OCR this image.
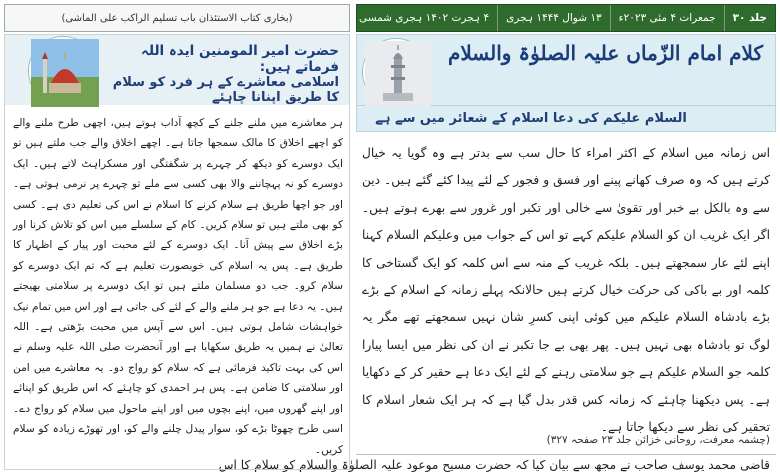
جلد ۳۰
جمعرات ۴ مئی ۲۰۲۳ء
۱۳ شوال ۱۴۴۴ ہجری
۴ ہجرت ۱۴۰۲ ہجری شمسی
(بخاری کتاب الاستئذان باب تسلیم الراکب علی الماشی)
کلام امام الزّماں علیہ الصلوٰۃ والسلام
السلام علیکم کی دعا اسلام کے شعائر میں سے ہے
اس زمانہ میں اسلام کے اکثر امراء کا حال سب سے بدتر ہے وہ گویا یہ خیال کرتے ہیں کہ وہ صرف کھانے پینے اور فسق و فجور کے لئے پیدا کئے گئے ہیں۔ دین سے وہ بالکل بے خبر اور تقویٰ سے خالی اور تکبر اور غرور سے بھرے ہوتے ہیں۔ اگر ایک غریب ان کو السلام علیکم کہے تو اس کے جواب میں وعلیکم السلام کہنا اپنے لئے عار سمجھتے ہیں۔ بلکہ غریب کے منہ سے اس کلمہ کو ایک گستاخی کا کلمہ اور بے باکی کی حرکت خیال کرتے ہیں حالانکہ پہلے زمانہ کے اسلام کے بڑے بڑے بادشاہ السلام علیکم میں کوئی اپنی کسرِ شان نہیں سمجھتے تھے مگر یہ لوگ تو بادشاہ بھی نہیں ہیں۔ پھر بھی بے جا تکبر نے ان کی نظر میں ایسا پیارا کلمہ جو السلام علیکم ہے جو سلامتی رہنے کے لئے ایک دعا ہے حقیر کر کے دکھایا ہے۔ پس دیکھنا چاہئے کہ زمانہ کس قدر بدل گیا ہے کہ ہر ایک شعار اسلام کا تحقیر کی نظر سے دیکھا جاتا ہے۔
(چشمہ معرفت، روحانی خزائن جلد ۲۳ صفحہ ۳۲۷)
قاضی محمد یوسف صاحب نے مجھ سے بیان کیا کہ حضرت مسیح موعود علیہ الصلوٰۃ والسلام کو سلام کا اس
حضرت امیر المومنین ایدہ اللہ فرماتے ہیں:
اسلامی معاشرے کے ہر فرد کو سلام کا طریق اپنانا چاہئے
ہر معاشرے میں ملنے جلنے کے کچھ آداب ہوتے ہیں، اچھی طرح ملنے والے کو اچھے اخلاق کا مالک سمجھا جاتا ہے۔ اچھے اخلاق والے جب ملتے ہیں تو ایک دوسرے کو دیکھ کر چہرے پر شگفتگی اور مسکراہٹ لاتے ہیں۔ ایک دوسرے کو نہ پہچاننے والا بھی کسی سے ملے تو چہرے پر نرمی ہوتی ہے۔ اور جو اچھا طریق ہے سلام کرنے کا اسلام نے اس کی تعلیم دی ہے۔ کسی کو بھی ملتے ہیں تو سلام کریں۔ کام کے سلسلے میں اس کو تلاش کرنا اور بڑے اخلاق سے پیش آنا۔ ایک دوسرے کے لئے محبت اور پیار کے اظہار کا طریق ہے۔ پس یہ اسلام کی خوبصورت تعلیم ہے کہ تم ایک دوسرے کو سلام کرو۔ جب دو مسلمان ملتے ہیں تو ایک دوسرے پر سلامتی بھیجتے ہیں۔ یہ دعا ہے جو ہر ملنے والے کے لئے کی جاتی ہے اور اس میں تمام نیک خواہشات شامل ہوتی ہیں۔ اس سے آپس میں محبت بڑھتی ہے۔ اللہ تعالیٰ نے ہمیں یہ طریق سکھایا ہے اور آنحضرت صلی اللہ علیہ وسلم نے اس کی بہت تاکید فرمائی ہے کہ سلام کو رواج دو۔ یہ معاشرے میں امن اور سلامتی کا ضامن ہے۔ پس ہر احمدی کو چاہئے کہ اس طریق کو اپنائے اور اپنے گھروں میں، اپنے بچوں میں اور اپنے ماحول میں سلام کو رواج دے۔ اسی طرح چھوٹا بڑے کو، سوار پیدل چلنے والے کو، اور تھوڑے زیادہ کو سلام کریں۔
